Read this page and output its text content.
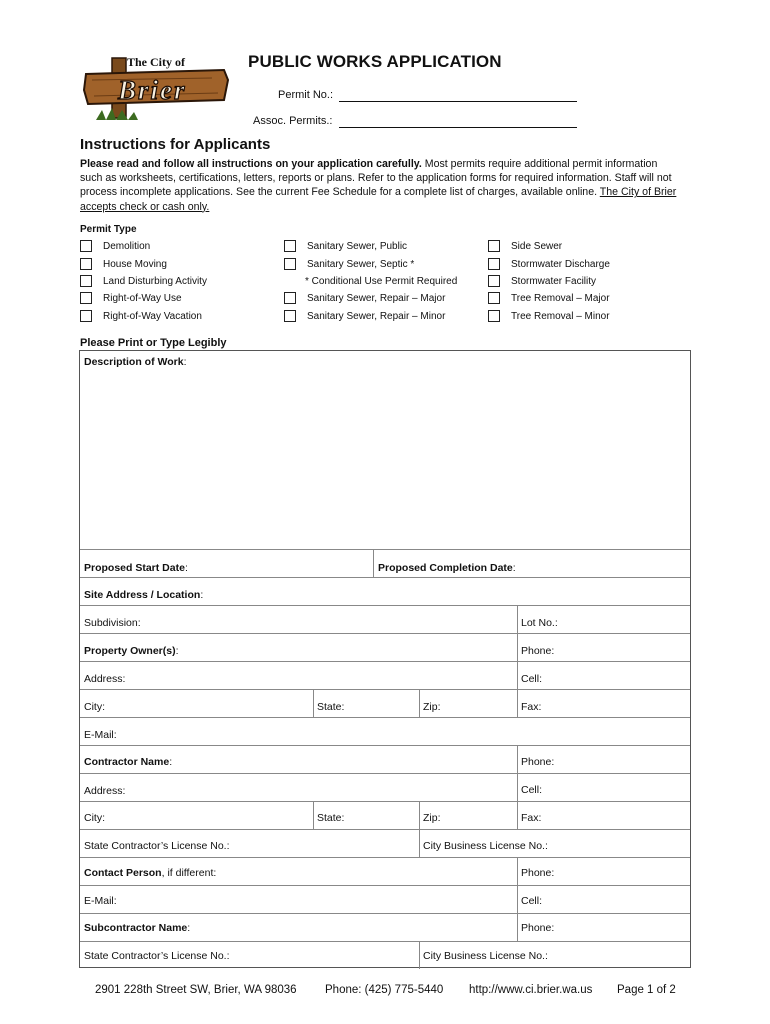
The City of
Brier
PUBLIC WORKS APPLICATION
Permit No.:
Assoc. Permits.:
Instructions for Applicants
Please read and follow all instructions on your application carefully. Most permits require additional permit information such as worksheets, certifications, letters, reports or plans. Refer to the application forms for required information. Staff will not process incomplete applications. See the current Fee Schedule for a complete list of charges, available online. The City of Brier accepts check or cash only.
Permit Type
Demolition
House Moving
Land Disturbing Activity
Right-of-Way Use
Right-of-Way Vacation
Sanitary Sewer, Public
Sanitary Sewer, Septic *
* Conditional Use Permit Required
Sanitary Sewer, Repair – Major
Sanitary Sewer, Repair – Minor
Side Sewer
Stormwater Discharge
Stormwater Facility
Tree Removal – Major
Tree Removal – Minor
Please Print or Type Legibly
Description of Work:
Proposed Start Date:	Proposed Completion Date:
Site Address / Location:
Subdivision:	Lot No.:
Property Owner(s):	Phone:
Address:	Cell:
City:	State:	Zip:	Fax:
E-Mail:
Contractor Name:	Phone:
Address:	Cell:
City:	State:	Zip:	Fax:
State Contractor’s License No.:	City Business License No.:
Contact Person, if different:	Phone:
E-Mail:	Cell:
Subcontractor Name:	Phone:
State Contractor’s License No.:	City Business License No.:
2901 228th Street SW, Brier, WA 98036 Phone: (425) 775-5440 http://www.ci.brier.wa.us Page 1 of 2
